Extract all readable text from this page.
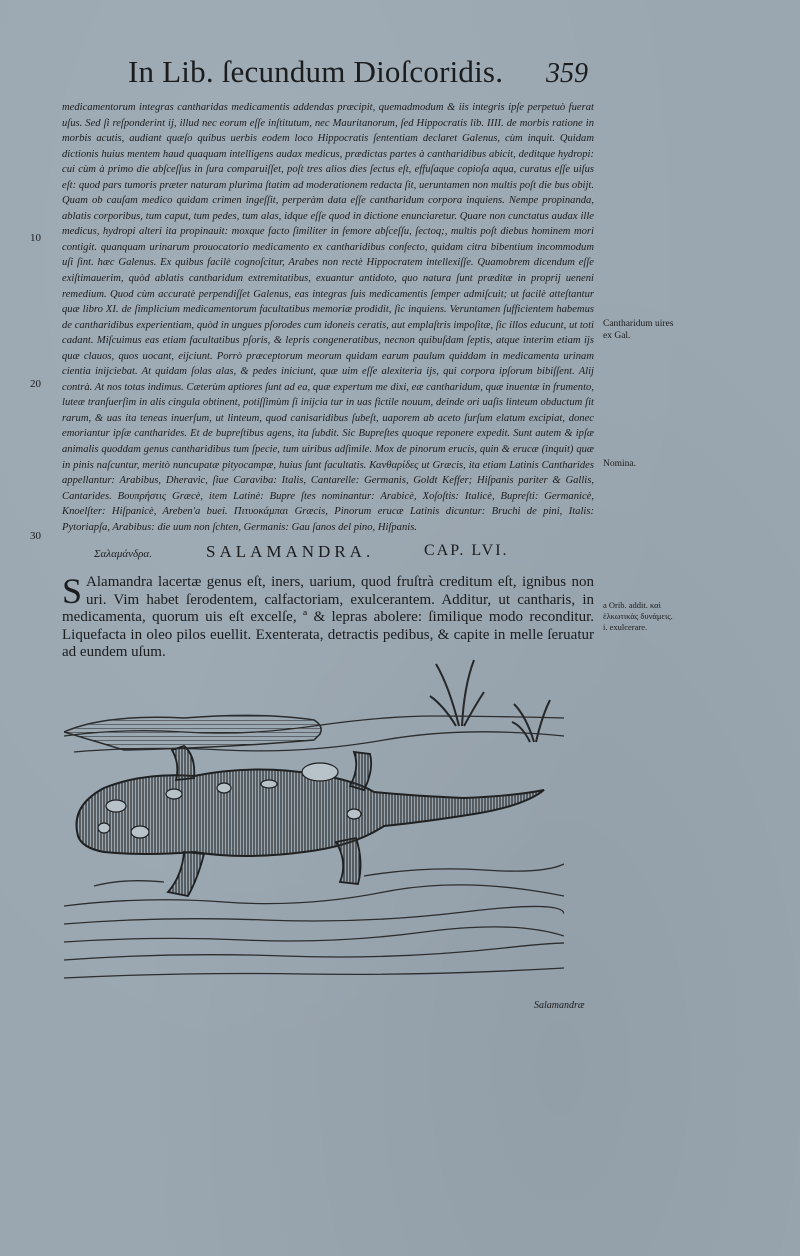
In Lib. ſecundum Dioſcoridis. 359
medicamentorum integras cantharidas medicamentis addendas præcipit, quemadmodum & iis integris ipſe perpetuò fuerat uſus. Sed ſi reſponderint ij, illud nec eorum eſſe inſtitutum, nec Mauritanorum, ſed Hippocratis lib. IIII. de morbis ratione in morbis acutis, audiant quæſo quibus uerbis eodem loco Hippocratis ſententiam declaret Galenus, cùm inquit. Quidam dictionis huius mentem haud quaquam intelligens audax medicus, prædictas partes à cantharidibus abicit, deditque hydropi: cui cùm à primo die abſceſſus in ſura comparuiſſet, poſt tres alios dies ſectus eſt, effuſaque copioſa aqua, curatus eſſe uiſus eſt: quod pars tumoris præter naturam plurima ſtatim ad moderationem redacta ſit, ueruntamen non multis poſt die bus obijt. Quam ob cauſam medico quidam crimen ingeſſit, perperàm data eſſe cantharidum corpora inquiens. Nempe propinanda, ablatis corporibus, tum caput, tum pedes, tum alas, idque eſſe quod in dictione enunciaretur. Quare non cunctatus audax ille medicus, hydropi alteri ita propinauit: moxque facto ſimiliter in femore abſceſſu, ſectoq;, multis poſt diebus hominem mori contigit. quanquam urinarum prouocatorio medicamento ex cantharidibus confecto, quidam citra bibentium incommodum uſi ſint. hæc Galenus. Ex quibus facilè cognoſcitur, Arabes non rectè Hippocratem intellexiſſe. Quamobrem dicendum eſſe exiſtimauerim, quòd ablatis cantharidum extremitatibus, exuantur antidoto, quo natura ſunt præditæ in proprij ueneni remedium. Quod cùm accuratè perpendiſſet Galenus, eas integras ſuis medicamentis ſemper admiſcuit; ut facilè atteſtantur quæ libro XI. de ſimplicium medicamentorum facultatibus memoriæ prodidit, ſic inquiens. Veruntamen ſufficientem habemus de cantharidibus experientiam, quòd in ungues pſorodes cum idoneis ceratis, aut emplaſtris impoſitæ, ſic illos educunt, ut toti cadant. Miſcuimus eas etiam facultatibus pſoris, & lepris congeneratibus, necnon quibuſdam ſeptis, atque interim etiam ijs quæ clauos, quos uocant, eijciunt. Porrò præceptorum meorum quidam earum paulum quiddam in medicamenta urinam cientia inijciebat. At quidam ſolas alas, & pedes iniciunt, quæ uim eſſe alexiteria ijs, qui corpora ipſorum bibiſſent. Alij contrà. At nos totas indimus. Cæterùm aptiores ſunt ad ea, quæ expertum me dixi, eæ cantharidum, quæ inuentæ in frumento, luteæ tranſuerſim in alis cingula obtinent, potiſſimùm ſi inijcia tur in uas fictile nouum, deinde ori uaſis linteum obductum ſit rarum, & uas ita teneas inuerſum, ut linteum, quod canisaridibus ſubeſt, uaporem ab aceto ſurſum elatum excipiat, donec emoriantur ipſæ cantharides. Et de bupreſtibus agens, ita ſubdit. Sic Bupreſtes quoque reponere expedit. Sunt autem & ipſæ animalis quoddam genus cantharidibus tum ſpecie, tum uiribus adſimile. Mox de pinorum erucis, quin & erucæ (inquit) quæ in pinis naſcuntur, meritò nuncupatæ pityocampæ, huius ſunt facultatis. Κανθαρίδες ut Græcis, ita etiam Latinis Cantharides appellantur: Arabibus, Dheravic, ſiue Caraviba: Italis, Cantarelle: Germanis, Goldt Keffer; Hiſpanis pariter & Gallis, Cantarides. Βουπρήστις Græcè, item Latinè: Bupre ſtes nominantur: Arabicè, Xoſoſtis: Italicè, Bupreſti: Germanicè, Knoelſter: Hiſpanicè, Areben'a buei. Πιτυοκάμπαι Græcis, Pinorum erucæ Latinis dicuntur: Bruchi de pini, Italis: Pytoriapſa, Arabibus: die uum non ſchten, Germanis: Gau ſanos del pino, Hiſpanis.
10
20
30
Cantharidum uires ex Gal.
Nomina.
a Orib. addit. καὶ ἑλκωτικὰς δυνάμεις. i. exulcerare.
Σαλαμάνδρα.	SALAMANDRA.	CAP. LVI.
S Alamandra lacertæ genus eſt, iners, uarium, quod fruſtrà creditum eſt, ignibus non uri. Vim habet ſerodentem, calfactoriam, exulcerantem. Additur, ut cantharis, in medicamenta, quorum uis eſt excelſe, ª & lepras abolere: ſimilique modo reconditur. Liquefacta in oleo pilos euellit. Exenterata, detractis pedibus, & capite in melle ſeruatur ad eundem uſum.
Salamandræ
